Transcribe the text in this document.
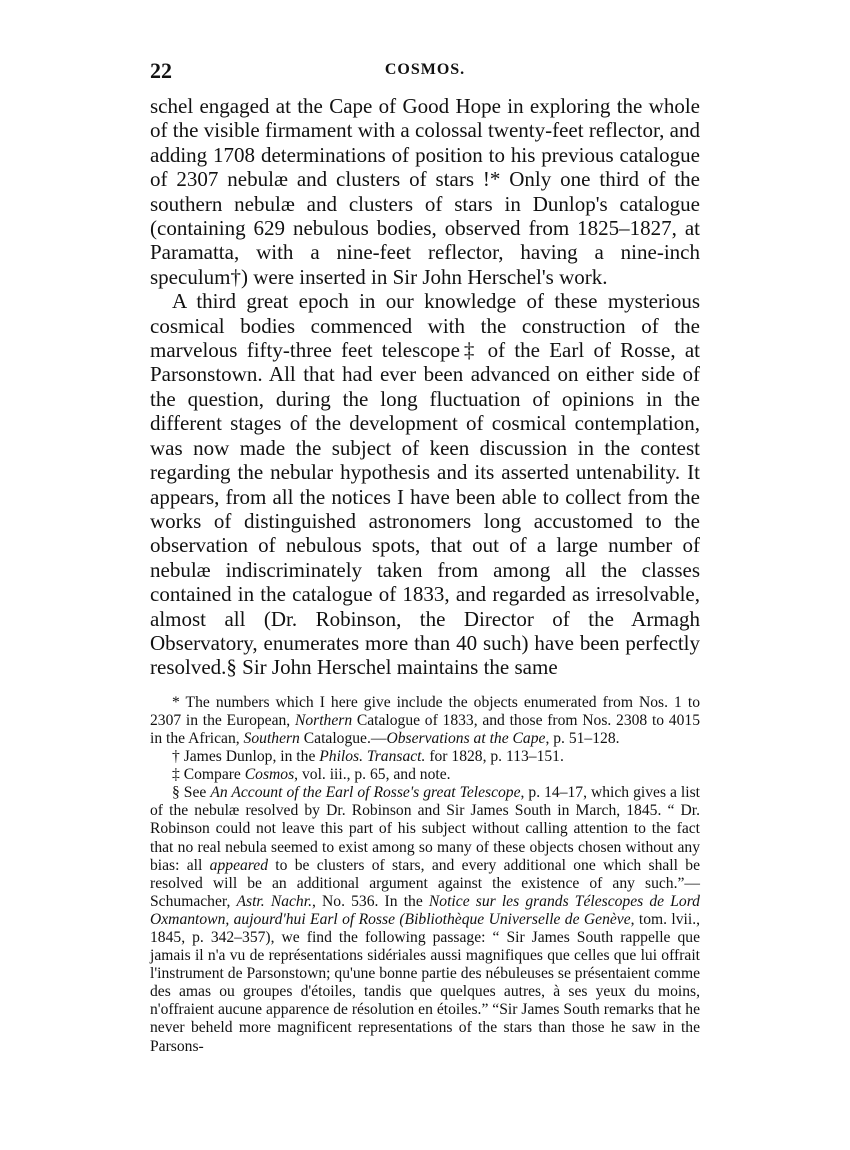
22	COSMOS.

schel engaged at the Cape of Good Hope in exploring the whole of the visible firmament with a colossal twenty-feet reflector, and adding 1708 determinations of position to his previous catalogue of 2307 nebulæ and clusters of stars !* Only one third of the southern nebulæ and clusters of stars in Dunlop's catalogue (containing 629 nebulous bodies, observed from 1825–1827, at Paramatta, with a nine-feet reflector, having a nine-inch speculum†) were inserted in Sir John Herschel's work.

A third great epoch in our knowledge of these mysterious cosmical bodies commenced with the construction of the marvelous fifty-three feet telescope‡ of the Earl of Rosse, at Parsonstown. All that had ever been advanced on either side of the question, during the long fluctuation of opinions in the different stages of the development of cosmical contemplation, was now made the subject of keen discussion in the contest regarding the nebular hypothesis and its asserted untenability. It appears, from all the notices I have been able to collect from the works of distinguished astronomers long accustomed to the observation of nebulous spots, that out of a large number of nebulæ indiscriminately taken from among all the classes contained in the catalogue of 1833, and regarded as irresolvable, almost all (Dr. Robinson, the Director of the Armagh Observatory, enumerates more than 40 such) have been perfectly resolved.§ Sir John Herschel maintains the same

* The numbers which I here give include the objects enumerated from Nos. 1 to 2307 in the European, Northern Catalogue of 1833, and those from Nos. 2308 to 4015 in the African, Southern Catalogue.—Observations at the Cape, p. 51–128.

† James Dunlop, in the Philos. Transact. for 1828, p. 113–151.

‡ Compare Cosmos, vol. iii., p. 65, and note.

§ See An Account of the Earl of Rosse's great Telescope, p. 14–17, which gives a list of the nebulæ resolved by Dr. Robinson and Sir James South in March, 1845. “ Dr. Robinson could not leave this part of his subject without calling attention to the fact that no real nebula seemed to exist among so many of these objects chosen without any bias: all appeared to be clusters of stars, and every additional one which shall be resolved will be an additional argument against the existence of any such.”— Schumacher, Astr. Nachr., No. 536. In the Notice sur les grands Télescopes de Lord Oxmantown, aujourd'hui Earl of Rosse (Bibliothèque Universelle de Genève, tom. lvii., 1845, p. 342–357), we find the following passage: “ Sir James South rappelle que jamais il n'a vu de représentations sidériales aussi magnifiques que celles que lui offrait l'instrument de Parsonstown; qu'une bonne partie des nébuleuses se présentaient comme des amas ou groupes d'étoiles, tandis que quelques autres, à ses yeux du moins, n'offraient aucune apparence de résolution en étoiles.” “Sir James South remarks that he never beheld more magnificent representations of the stars than those he saw in the Parsons-
